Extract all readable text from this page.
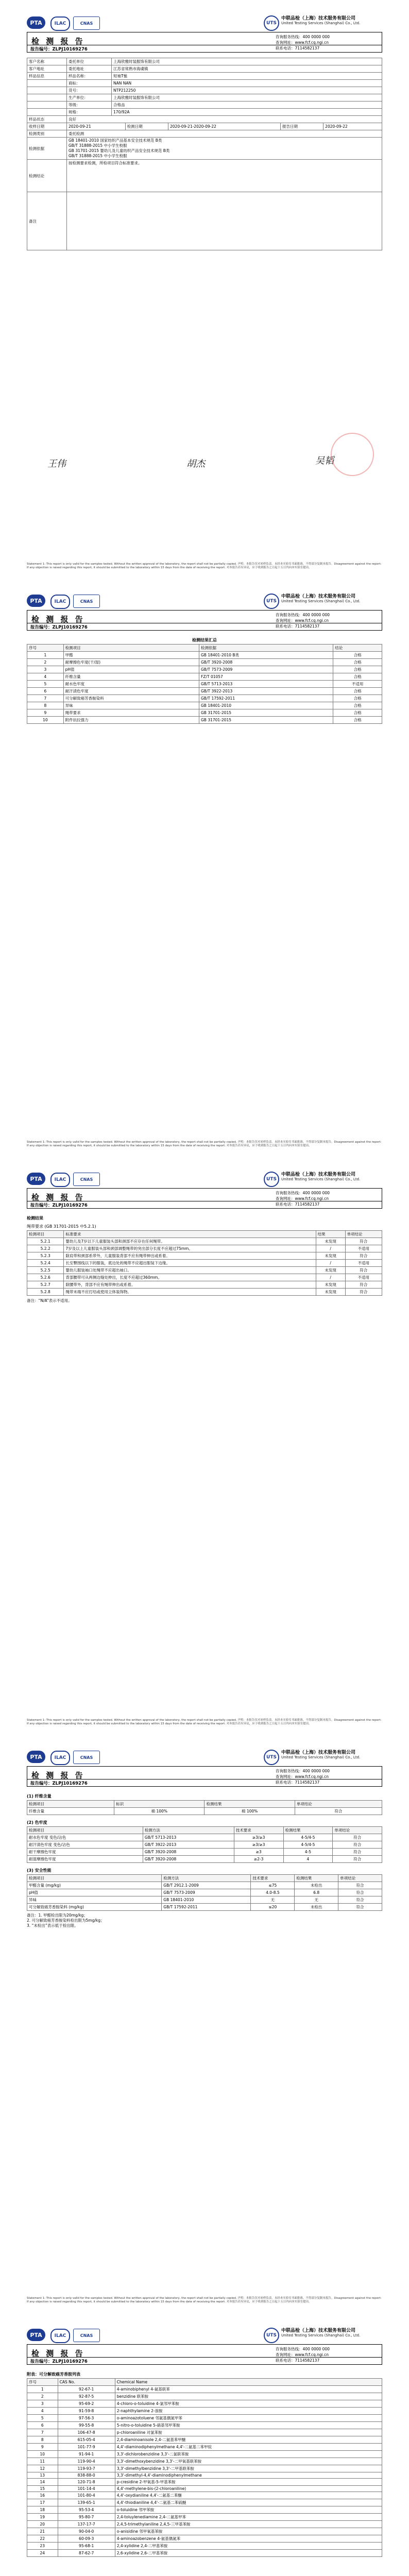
PTA	ILAC	CNAS	UTS
中联品检（上海）技术服务有限公司
United Testing Services (Shanghai) Co., Ltd.
检 测 报 告	咨询服务热线：400 0000 000
查询网址：www.fcf.cq.ngi.cn
联系电话：7114582137
报告编号：ZLPJ10169276
客户名称	委托单位	上海欣雅时装服饰有限公司
客户地址	委托地址	江苏省常熟市海虞镇
样品信息	样品名称：	短袖T恤
	商标：	NAN NAN
	货号：	NTP212250
	生产单位：	上海欣雅时装服饰有限公司
	等级：	合格品
	规格：	170/92A
样品状态	良好				
收样日期	2020-09-21	检测日期	2020-09-21-2020-09-22	报告日期	2020-09-22
检测类别	委托检测				
检测依据	GB 18401-2010 国家纺织产品基本安全技术规范 B类
GB/T 31888-2015 中小学生校服
GB 31701-2015 婴幼儿及儿童纺织产品安全技术规范 B类
GB/T 31888-2015 中小学生校服				

检测结论	按检测要求检测，所检项目符合标准要求。				
备注					
王伟	胡杰	吴韬
Statement 1: This report is only valid for the samples tested. Without the written approval of the laboratory, the report shall not be partially copied. 声明：本报告仅对来样负责。未经本实验室书面批准，不得部分复制本报告。Disagreement against the report: If any objection is raised regarding this report, it should be submitted to the laboratory within 15 days from the date of receiving the report. 对本报告若有异议，应于收到报告之日起十五日内向本实验室提出。
PTA	ILAC	CNAS	UTS
中联品检（上海）技术服务有限公司
United Testing Services (Shanghai) Co., Ltd.
检 测 报 告	咨询服务热线：400 0000 000
查询网址：www.fcf.cq.ngi.cn
联系电话：7114582137
报告编号：ZLPJ10169276
检测结果汇总
序号	检测项目	检测依据	结论
1	甲醛	GB 18401-2010 B类	合格
2	耐摩擦色牢度(干/湿)	GB/T 3920-2008	合格
3	pH值	GB/T 7573-2009	合格
4	纤维含量	FZ/T 01057	合格
5	耐水色牢度	GB/T 5713-2013	不适用
6	耐汗渍色牢度	GB/T 3922-2013	合格
7	可分解致癌芳香胺染料	GB/T 17592-2011	合格
8	异味	GB 18401-2010	合格
9	绳带要求	GB 31701-2015	合格
10	附件抗拉强力	GB 31701-2015	合格
Statement 1: This report is only valid for the samples tested. Without the written approval of the laboratory, the report shall not be partially copied. 声明：本报告仅对来样负责。未经本实验室书面批准，不得部分复制本报告。Disagreement against the report: If any objection is raised regarding this report, it should be submitted to the laboratory within 15 days from the date of receiving the report. 对本报告若有异议，应于收到报告之日起十五日内向本实验室提出。
PTA	ILAC	CNAS	UTS
中联品检（上海）技术服务有限公司
United Testing Services (Shanghai) Co., Ltd.
检 测 报 告	咨询服务热线：400 0000 000
查询网址：www.fcf.cq.ngi.cn
联系电话：7114582137
报告编号：ZLPJ10169276
检测结果
绳带要求 (GB 31701-2015 中5.2.1)
检测项目	标准要求	结果	单项结论
5.2.1	婴幼儿及7岁以下儿童服装头部和颈部不应存在任何绳带。	未发现	符合
5.2.2	7岁及以上儿童服装头部和颈部调整绳带的突出部分长度不应超过75mm。	/	不适用
5.2.3	除肩带和颈部系带外，儿童服装背部不应有绳带伸出或系着。	未发现	符合
5.2.4	长至臀围线以下的服装，底边处的绳带不应超出服装下边缘。	/	不适用
5.2.5	婴幼儿服装袖口处绳带不应超出袖口。	未发现	符合
5.2.6	背部腰带可从两侧边缝处伸出，长度不应超过360mm。	/	不适用
5.2.7	除腰带外，背部不应有绳带伸出或系着。	未发现	符合
5.2.8	绳带末端不应打结或使用立体装饰物。	未发现	符合
备注：“N/A”表示不适用。
Statement 1: This report is only valid for the samples tested. Without the written approval of the laboratory, the report shall not be partially copied. 声明：本报告仅对来样负责。未经本实验室书面批准，不得部分复制本报告。Disagreement against the report: If any objection is raised regarding this report, it should be submitted to the laboratory within 15 days from the date of receiving the report. 对本报告若有异议，应于收到报告之日起十五日内向本实验室提出。
PTA	ILAC	CNAS	UTS
中联品检（上海）技术服务有限公司
United Testing Services (Shanghai) Co., Ltd.
检 测 报 告	咨询服务热线：400 0000 000
查询网址：www.fcf.cq.ngi.cn
联系电话：7114582137
报告编号：ZLPJ10169276
(1) 纤维含量
检测项目	标识	检测结果	单项结论
纤维含量	棉 100%	棉 100%	符合
(2) 色牢度
检测项目	检测方法	技术要求	检测结果	单项结论
耐水色牢度 变色/沾色	GB/T 5713-2013	≥3/≥3	4-5/4-5	符合
耐汗渍色牢度 变色/沾色	GB/T 3922-2013	≥3/≥3	4-5/4-5	符合
耐干摩擦色牢度	GB/T 3920-2008	≥3	4-5	符合
耐湿摩擦色牢度	GB/T 3920-2008	≥2-3	4	符合
(3) 安全性能
检测项目	检测方法	技术要求	检测结果	单项结论
甲醛含量 (mg/kg)	GB/T 2912.1-2009	≤75	未检出	符合
pH值	GB/T 7573-2009	4.0-8.5	6.8	符合
异味	GB 18401-2010	无	无	符合
可分解致癌芳香胺染料 (mg/kg)	GB/T 17592-2011	≤20	未检出	符合
备注：1. 甲醛检出限为20mg/kg；
2. 可分解致癌芳香胺染料检出限为5mg/kg；
3. “未检出”表示低于检出限。
Statement 1: This report is only valid for the samples tested. Without the written approval of the laboratory, the report shall not be partially copied. 声明：本报告仅对来样负责。未经本实验室书面批准，不得部分复制本报告。Disagreement against the report: If any objection is raised regarding this report, it should be submitted to the laboratory within 15 days from the date of receiving the report. 对本报告若有异议，应于收到报告之日起十五日内向本实验室提出。
PTA	ILAC	CNAS	UTS
中联品检（上海）技术服务有限公司
United Testing Services (Shanghai) Co., Ltd.
检 测 报 告	咨询服务热线：400 0000 000
查询网址：www.fcf.cq.ngi.cn
联系电话：7114582137
报告编号：ZLPJ10169276
附表：可分解致癌芳香胺列表
序号	CAS No.	Chemical Name
1	92-67-1	4-aminobiphenyl 4-氨基联苯
2	92-87-5	benzidine 联苯胺
3	95-69-2	4-chloro-o-toluidine 4-氯邻甲苯胺
4	91-59-8	2-naphthylamine 2-萘胺
5	97-56-3	o-aminoazotoluene 邻氨基偶氮甲苯
6	99-55-8	5-nitro-o-toluidine 5-硝基邻甲苯胺
7	106-47-8	p-chloroaniline 对氯苯胺
8	615-05-4	2,4-diaminoanisole 2,4-二氨基苯甲醚
9	101-77-9	4,4'-diaminodiphenylmethane 4,4'-二氨基二苯甲烷
10	91-94-1	3,3'-dichlorobenzidine 3,3'-二氯联苯胺
11	119-90-4	3,3'-dimethoxybenzidine 3,3'-二甲氧基联苯胺
12	119-93-7	3,3'-dimethylbenzidine 3,3'-二甲基联苯胺
13	838-88-0	3,3'-dimethyl-4,4'-diaminodiphenylmethane
14	120-71-8	p-cresidine 2-甲氧基-5-甲基苯胺
15	101-14-4	4,4'-methylene-bis-(2-chloroaniline)
16	101-80-4	4,4'-oxydianiline 4,4'-二氨基二苯醚
17	139-65-1	4,4'-thiodianiline 4,4'-二氨基二苯硫醚
18	95-53-4	o-toluidine 邻甲苯胺
19	95-80-7	2,4-toluylenediamine 2,4-二氨基甲苯
20	137-17-7	2,4,5-trimethylaniline 2,4,5-三甲基苯胺
21	90-04-0	o-anisidine 邻甲氧基苯胺
22	60-09-3	4-aminoazobenzene 4-氨基偶氮苯
23	95-68-1	2,4-xylidine 2,4-二甲基苯胺
24	87-62-7	2,6-xylidine 2,6-二甲基苯胺
